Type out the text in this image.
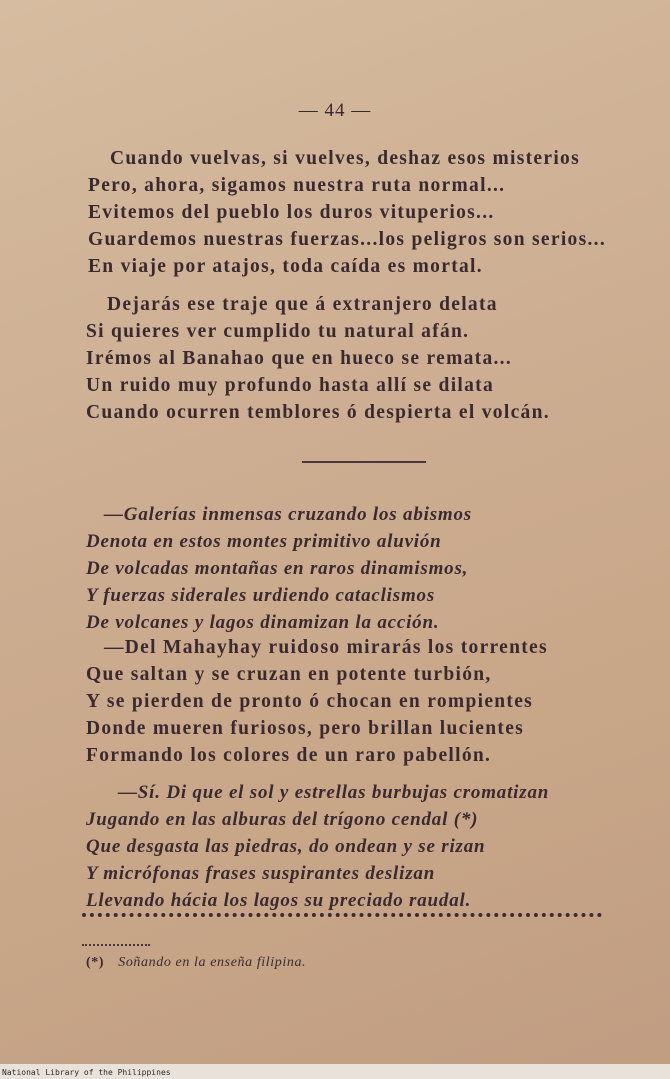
— 44 —
Cuando vuelvas, si vuelves, deshaz esos misterios
Pero, ahora, sigamos nuestra ruta normal...
Evitemos del pueblo los duros vituperios...
Guardemos nuestras fuerzas...los peligros son serios...
En viaje por atajos, toda caída es mortal.
Dejarás ese traje que á extranjero delata
Si quieres ver cumplido tu natural afán.
Irémos al Banahao que en hueco se remata...
Un ruido muy profundo hasta allí se dilata
Cuando ocurren temblores ó despierta el volcán.
—Galerías inmensas cruzando los abismos
Denota en estos montes primitivo aluvión
De volcadas montañas en raros dinamismos,
Y fuerzas siderales urdiendo cataclismos
De volcanes y lagos dinamizan la acción.
—Del Mahayhay ruidoso mirarás los torrentes
Que saltan y se cruzan en potente turbión,
Y se pierden de pronto ó chocan en rompientes
Donde mueren furiosos, pero brillan lucientes
Formando los colores de un raro pabellón.
—Sí. Di que el sol y estrellas burbujas cromatizan
Jugando en las alburas del trígono cendal (*)
Que desgasta las piedras, do ondean y se rizan
Y micrófonas frases suspirantes deslizan
Llevando hácia los lagos su preciado raudal.
(*) Soñando en la enseña filipina.
National Library of the Philippines
